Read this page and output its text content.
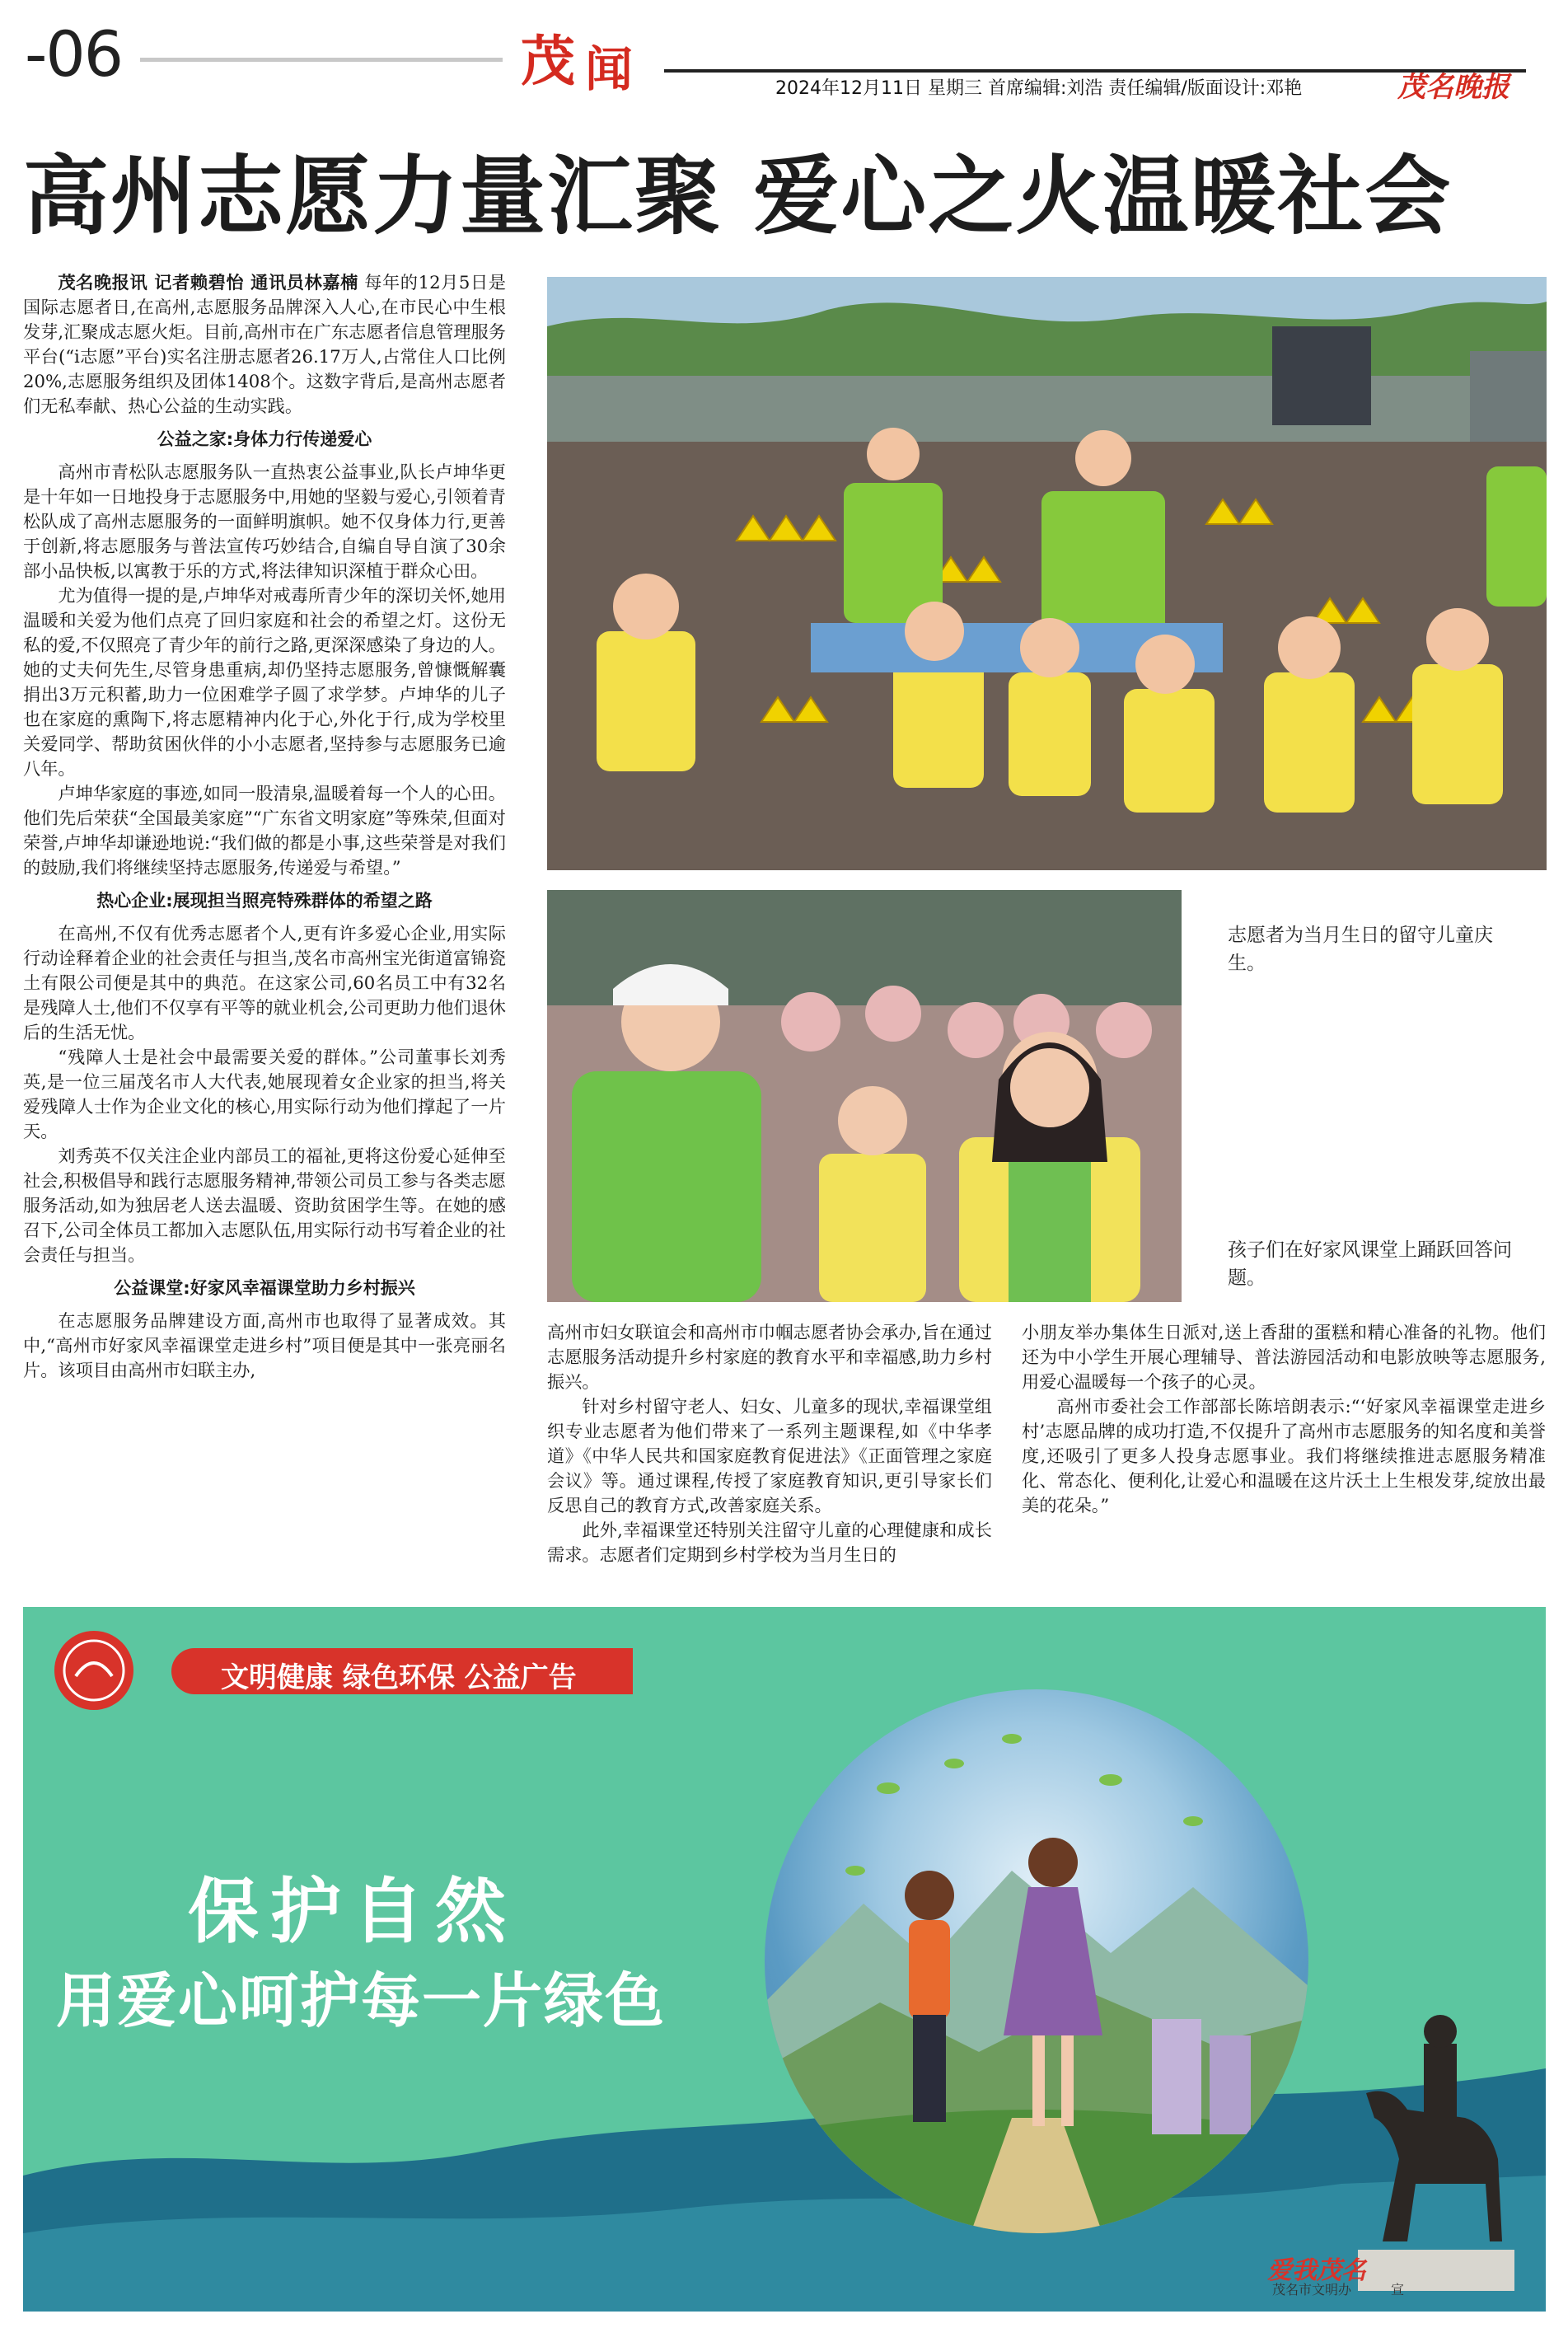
-06	茂 闻	2024年12月11日 星期三 首席编辑:刘浩 责任编辑/版面设计:邓艳	茂名晚报
高州志愿力量汇聚 爱心之火温暖社会

茂名晚报讯 记者赖碧怡 通讯员林嘉楠 每年的12月5日是国际志愿者日,在高州,志愿服务品牌深入人心,在市民心中生根发芽,汇聚成志愿火炬。目前,高州市在广东志愿者信息管理服务平台(“i志愿”平台)实名注册志愿者26.17万人,占常住人口比例20%,志愿服务组织及团体1408个。这数字背后,是高州志愿者们无私奉献、热心公益的生动实践。

公益之家:身体力行传递爱心

高州市青松队志愿服务队一直热衷公益事业,队长卢坤华更是十年如一日地投身于志愿服务中,用她的坚毅与爱心,引领着青松队成了高州志愿服务的一面鲜明旗帜。她不仅身体力行,更善于创新,将志愿服务与普法宣传巧妙结合,自编自导自演了30余部小品快板,以寓教于乐的方式,将法律知识深植于群众心田。

尤为值得一提的是,卢坤华对戒毒所青少年的深切关怀,她用温暖和关爱为他们点亮了回归家庭和社会的希望之灯。这份无私的爱,不仅照亮了青少年的前行之路,更深深感染了身边的人。她的丈夫何先生,尽管身患重病,却仍坚持志愿服务,曾慷慨解囊捐出3万元积蓄,助力一位困难学子圆了求学梦。卢坤华的儿子也在家庭的熏陶下,将志愿精神内化于心,外化于行,成为学校里关爱同学、帮助贫困伙伴的小小志愿者,坚持参与志愿服务已逾八年。

卢坤华家庭的事迹,如同一股清泉,温暖着每一个人的心田。他们先后荣获“全国最美家庭”“广东省文明家庭”等殊荣,但面对荣誉,卢坤华却谦逊地说:“我们做的都是小事,这些荣誉是对我们的鼓励,我们将继续坚持志愿服务,传递爱与希望。”

热心企业:展现担当照亮特殊群体的希望之路

在高州,不仅有优秀志愿者个人,更有许多爱心企业,用实际行动诠释着企业的社会责任与担当,茂名市高州宝光街道富锦瓷土有限公司便是其中的典范。在这家公司,60名员工中有32名是残障人士,他们不仅享有平等的就业机会,公司更助力他们退休后的生活无忧。

“残障人士是社会中最需要关爱的群体。”公司董事长刘秀英,是一位三届茂名市人大代表,她展现着女企业家的担当,将关爱残障人士作为企业文化的核心,用实际行动为他们撑起了一片天。

刘秀英不仅关注企业内部员工的福祉,更将这份爱心延伸至社会,积极倡导和践行志愿服务精神,带领公司员工参与各类志愿服务活动,如为独居老人送去温暖、资助贫困学生等。在她的感召下,公司全体员工都加入志愿队伍,用实际行动书写着企业的社会责任与担当。

公益课堂:好家风幸福课堂助力乡村振兴

在志愿服务品牌建设方面,高州市也取得了显著成效。其中,“高州市好家风幸福课堂走进乡村”项目便是其中一张亮丽名片。该项目由高州市妇联主办,

志愿者为当月生日的留守儿童庆生。
孩子们在好家风课堂上踊跃回答问题。

高州市妇女联谊会和高州市巾帼志愿者协会承办,旨在通过志愿服务活动提升乡村家庭的教育水平和幸福感,助力乡村振兴。

针对乡村留守老人、妇女、儿童多的现状,幸福课堂组织专业志愿者为他们带来了一系列主题课程,如《中华孝道》《中华人民共和国家庭教育促进法》《正面管理之家庭会议》等。通过课程,传授了家庭教育知识,更引导家长们反思自己的教育方式,改善家庭关系。

此外,幸福课堂还特别关注留守儿童的心理健康和成长需求。志愿者们定期到乡村学校为当月生日的

小朋友举办集体生日派对,送上香甜的蛋糕和精心准备的礼物。他们还为中小学生开展心理辅导、普法游园活动和电影放映等志愿服务,用爱心温暖每一个孩子的心灵。

高州市委社会工作部部长陈培朗表示:“‘好家风幸福课堂走进乡村’志愿品牌的成功打造,不仅提升了高州市志愿服务的知名度和美誉度,还吸引了更多人投身志愿事业。我们将继续推进志愿服务精准化、常态化、便利化,让爱心和温暖在这片沃土上生根发芽,绽放出最美的花朵。”

文明健康 绿色环保 公益广告
保护自然
用爱心呵护每一片绿色
爱我茂名
茂名市文明办	宣
